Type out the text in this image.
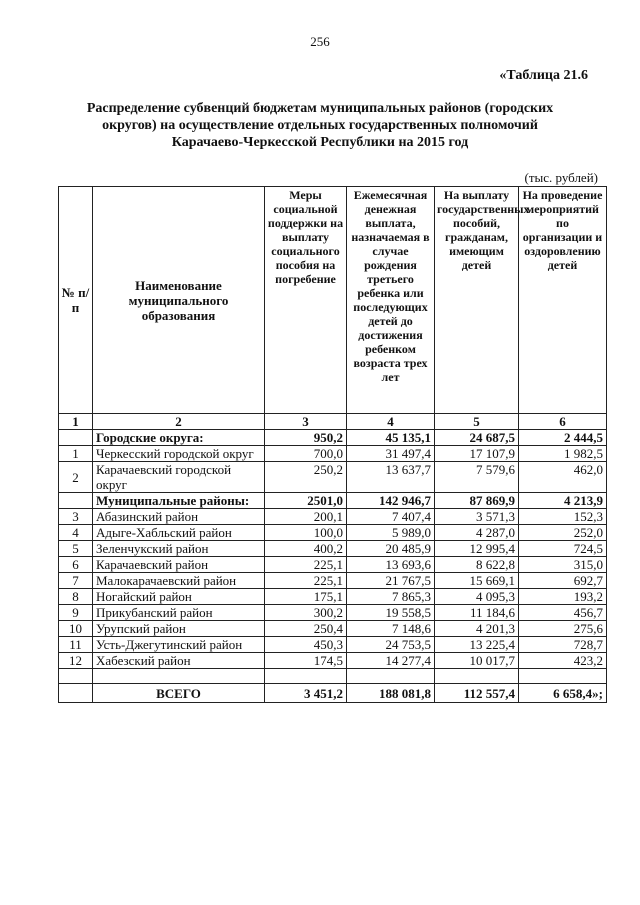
256
«Таблица 21.6
Распределение субвенций бюджетам муниципальных районов (городских
округов) на осуществление отдельных государственных полномочий
Карачаево-Черкесской Республики на 2015 год
(тыс. рублей)
№ п/п	Наименование муниципального образования	Меры социальной поддержки на выплату социального пособия на погребение	Ежемесячная денежная выплата, назначаемая в случае рождения третьего ребенка или последующих детей до достижения ребенком возраста трех лет	На выплату государственных пособий, гражданам, имеющим детей	На проведение мероприятий по организации и оздоровлению детей
1	2	3	4	5	6
	Городские округа:	950,2	45 135,1	24 687,5	2 444,5
1	Черкесский городской округ	700,0	31 497,4	17 107,9	1 982,5
2	Карачаевский городской округ	250,2	13 637,7	7 579,6	462,0
	Муниципальные районы:	2501,0	142 946,7	87 869,9	4 213,9
3	Абазинский район	200,1	7 407,4	3 571,3	152,3
4	Адыге-Хабльский район	100,0	5 989,0	4 287,0	252,0
5	Зеленчукский район	400,2	20 485,9	12 995,4	724,5
6	Карачаевский район	225,1	13 693,6	8 622,8	315,0
7	Малокарачаевский район	225,1	21 767,5	15 669,1	692,7
8	Ногайский район	175,1	7 865,3	4 095,3	193,2
9	Прикубанский район	300,2	19 558,5	11 184,6	456,7
10	Урупский район	250,4	7 148,6	4 201,3	275,6
11	Усть-Джегутинский район	450,3	24 753,5	13 225,4	728,7
12	Хабезский район	174,5	14 277,4	10 017,7	423,2

	ВСЕГО	3 451,2	188 081,8	112 557,4	6 658,4»;
